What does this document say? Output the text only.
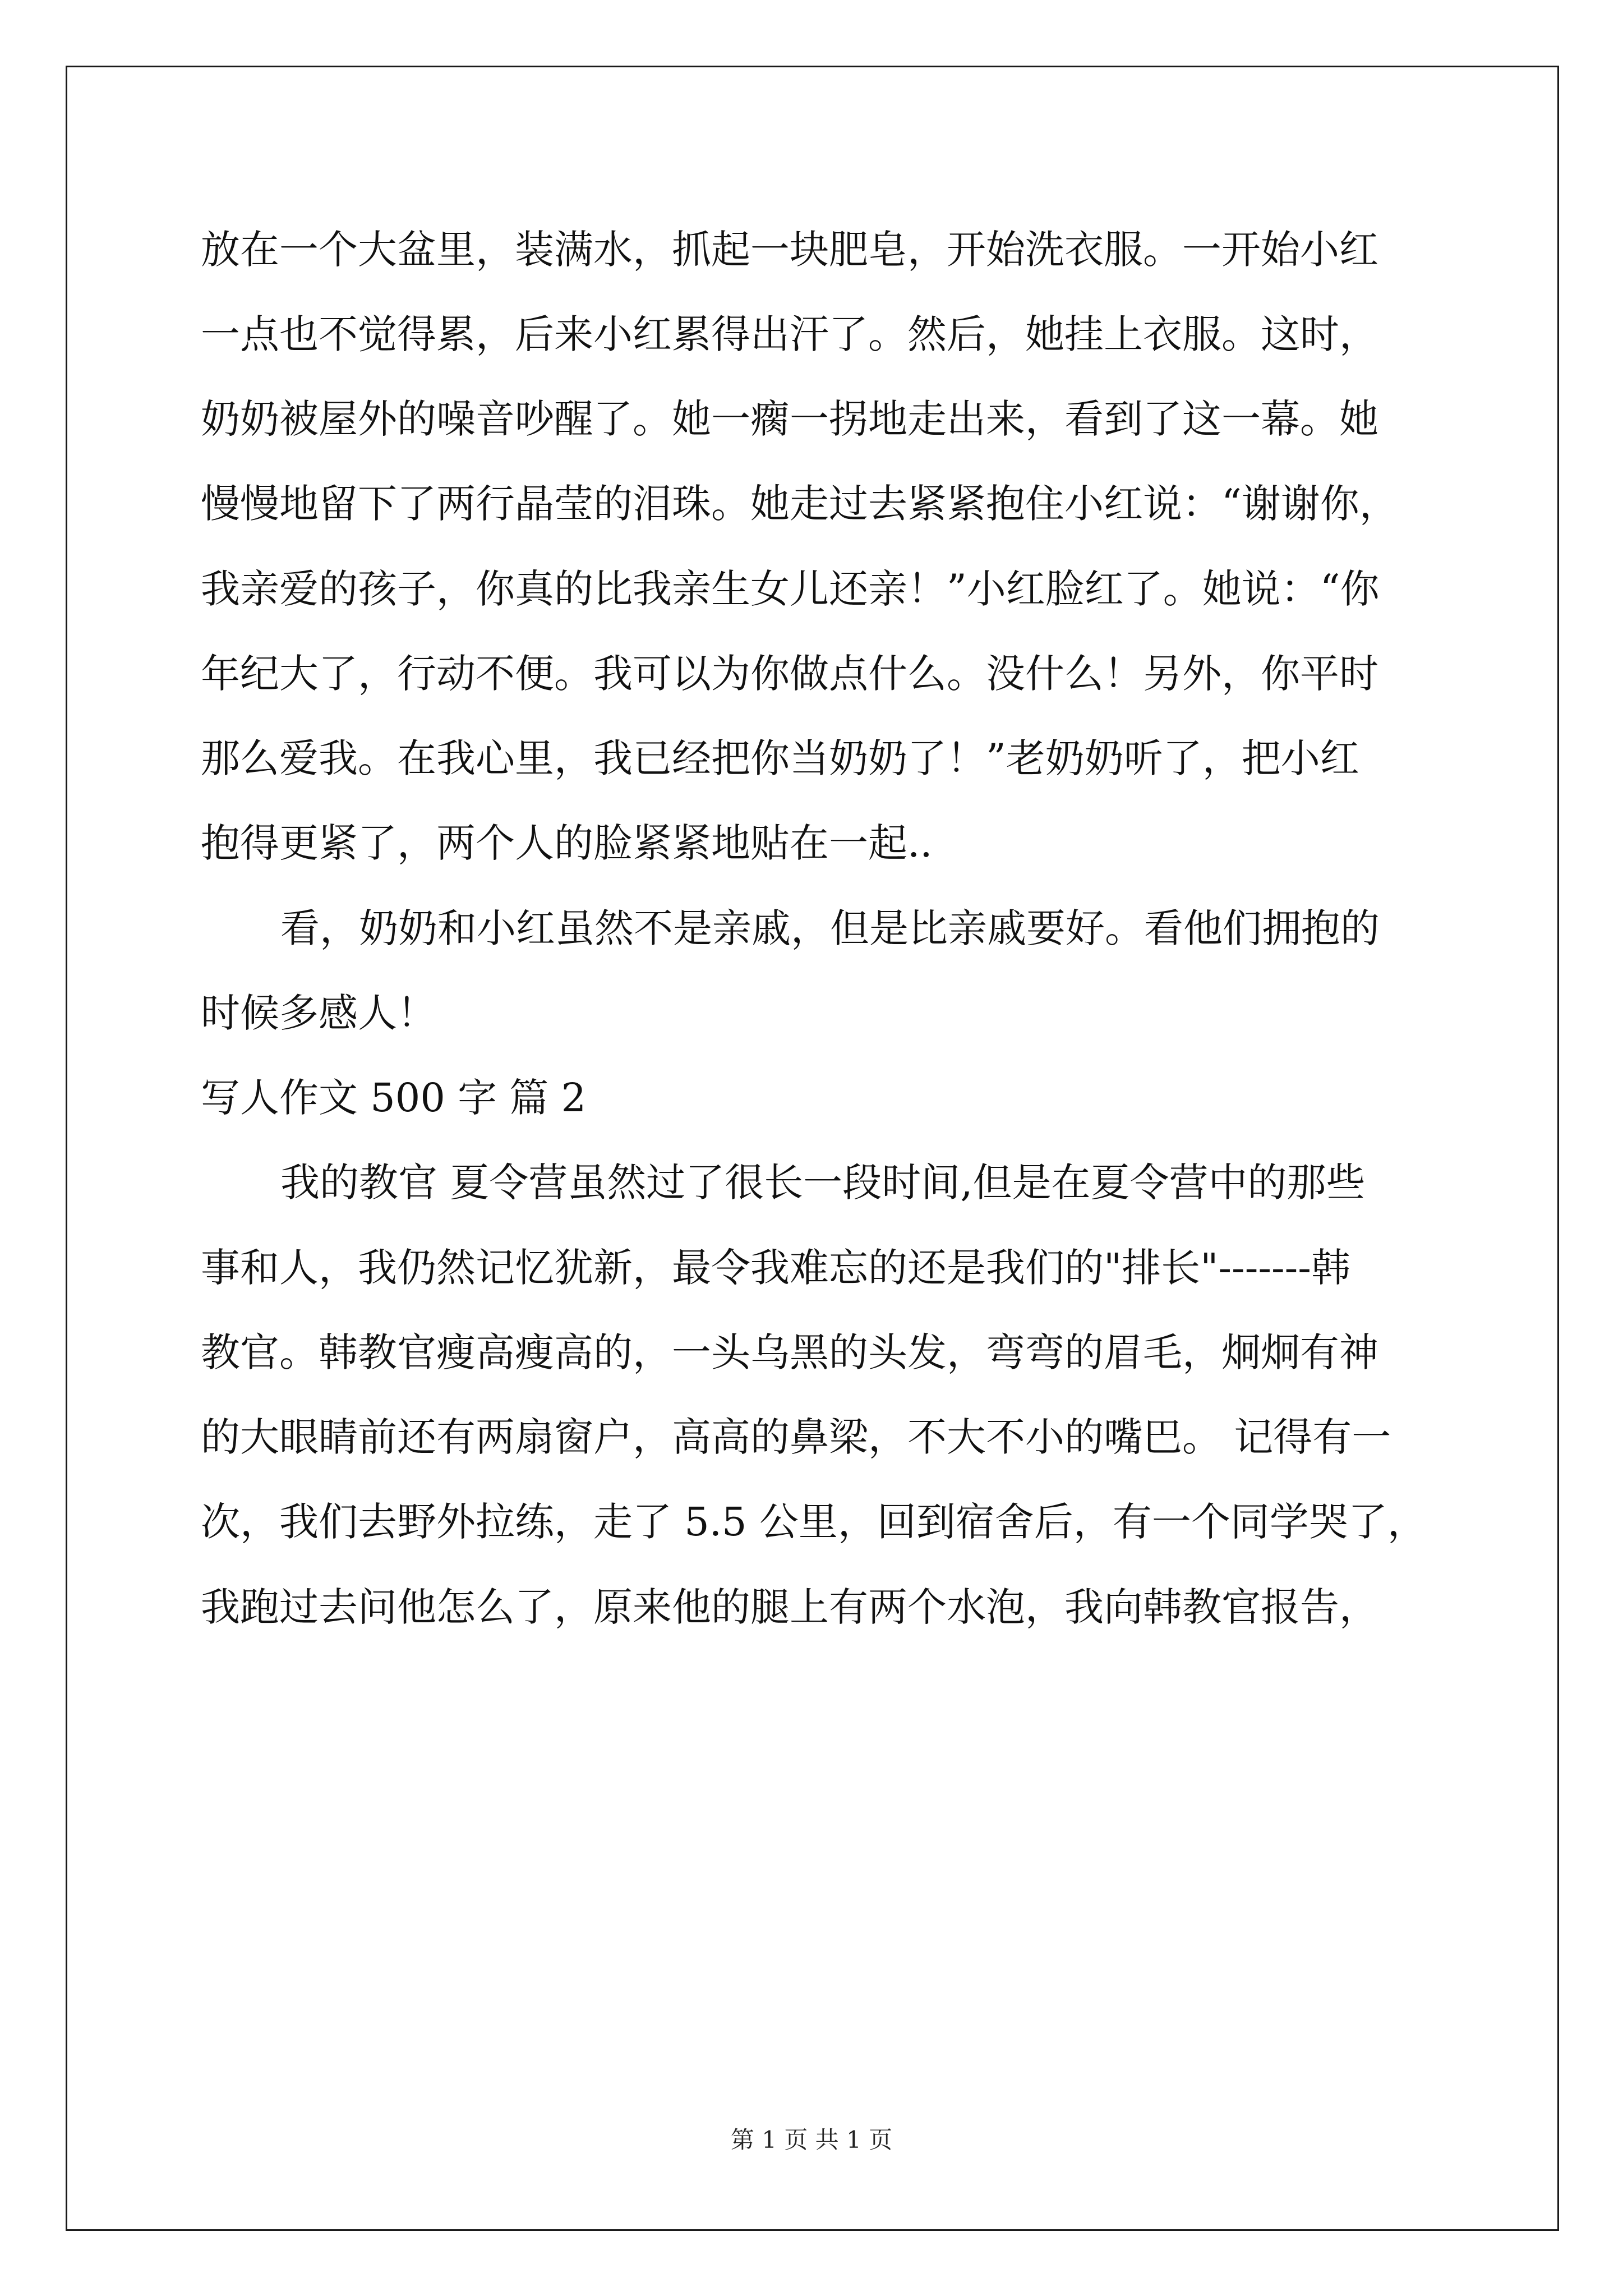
放在一个大盆里，装满水，抓起一块肥皂，开始洗衣服。一开始小红
一点也不觉得累，后来小红累得出汗了。然后，她挂上衣服。这时，
奶奶被屋外的噪音吵醒了。她一瘸一拐地走出来，看到了这一幕。她
慢慢地留下了两行晶莹的泪珠。她走过去紧紧抱住小红说：“谢谢你，
我亲爱的孩子，你真的比我亲生女儿还亲！”小红脸红了。她说：“你
年纪大了，行动不便。我可以为你做点什么。没什么！另外，你平时
那么爱我。在我心里，我已经把你当奶奶了！”老奶奶听了，把小红
抱得更紧了，两个人的脸紧紧地贴在一起..
看，奶奶和小红虽然不是亲戚，但是比亲戚要好。看他们拥抱的
时候多感人！
写人作文 500 字 篇 2
我的教官 夏令营虽然过了很长一段时间,但是在夏令营中的那些
事和人，我仍然记忆犹新，最令我难忘的还是我们的"排长"-------韩
教官。韩教官瘦高瘦高的，一头乌黑的头发，弯弯的眉毛，炯炯有神
的大眼睛前还有两扇窗户，高高的鼻梁，不大不小的嘴巴。 记得有一
次，我们去野外拉练，走了 5.5 公里，回到宿舍后，有一个同学哭了，
我跑过去问他怎么了，原来他的腿上有两个水泡，我向韩教官报告，
第 1 页 共 1 页
